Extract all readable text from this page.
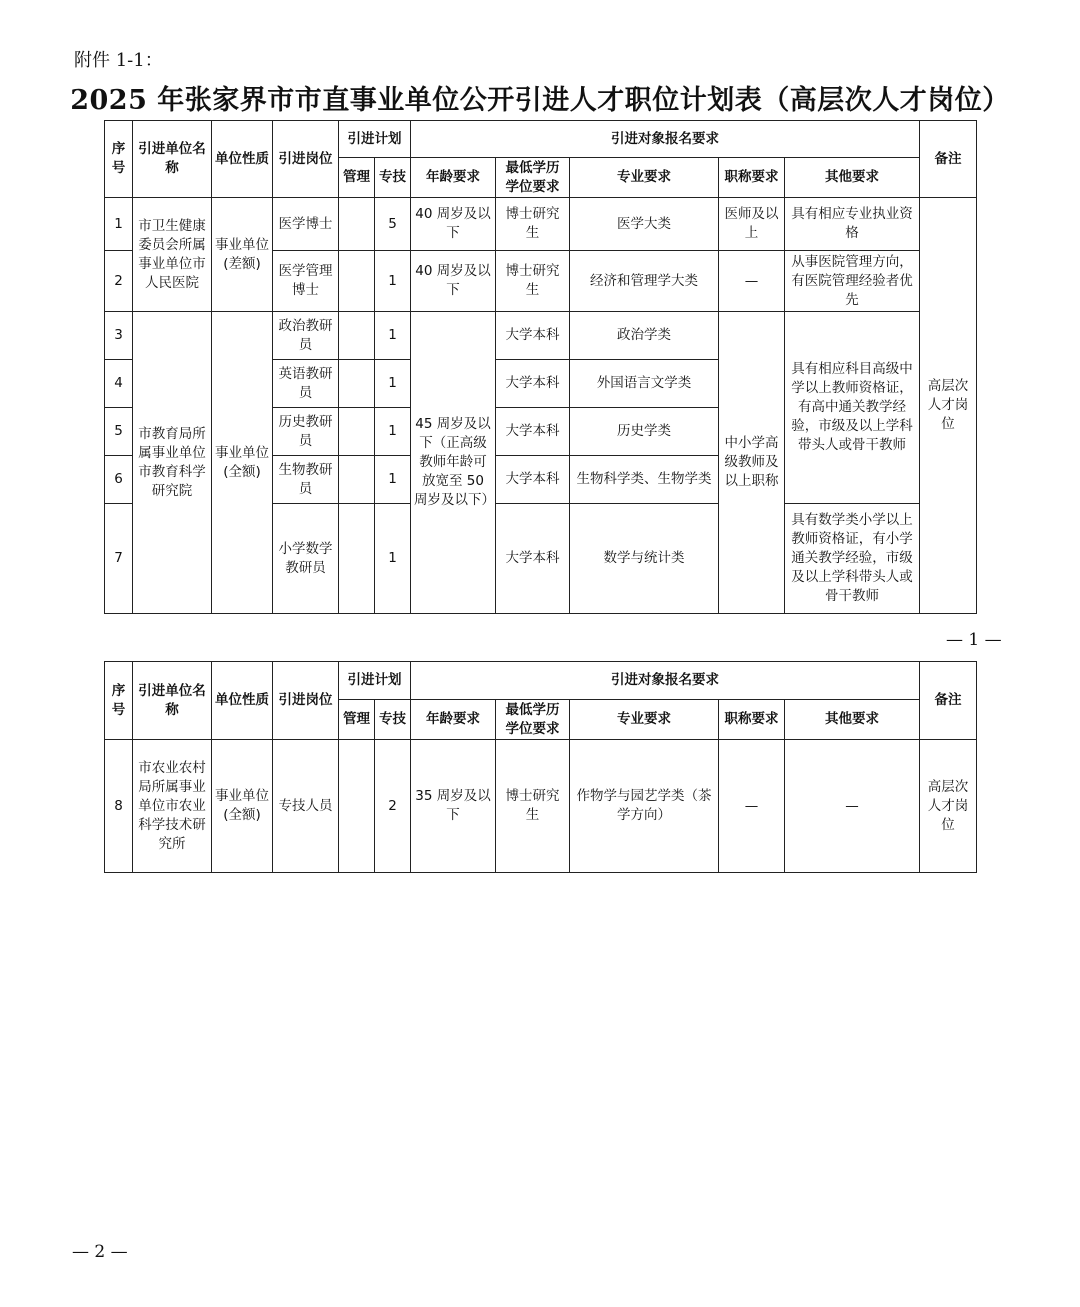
附件 1-1：
2025 年张家界市市直事业单位公开引进人才职位计划表（高层次人才岗位）
序号	引进单位名　称	单位性质	引进岗位	引进计划		引进对象报名要求					备注
				管理	专技	年龄要求	最低学历学位要求	专业要求	职称要求	其他要求	
1	市卫生健康委员会所属事业单位市人民医院	事业单位(差额)	医学博士		5	40 周岁及以下	博士研究生	医学大类	医师及以上	具有相应专业执业资格	高层次人才岗位
2			医学管理博士		1	40 周岁及以下	博士研究生	经济和管理学大类	—	从事医院管理方向，有医院管理经验者优先	
3	市教育局所属事业单位市教育科学研究院	事业单位(全额)	政治教研员		1	45 周岁及以下（正高级教师年龄可放宽至 50 周岁及以下）	大学本科	政治学类	中小学高级教师及以上职称	具有相应科目高级中学以上教师资格证，有高中通关教学经验，市级及以上学科带头人或骨干教师	
4			英语教研员		1		大学本科	外国语言文学类			
5			历史教研员		1		大学本科	历史学类			
6			生物教研员		1		大学本科	生物科学类、生物学类			
7			小学数学教研员		1		大学本科	数学与统计类		具有数学类小学以上教师资格证，有小学通关教学经验，市级及以上学科带头人或骨干教师	
— 1 —
序号	引进单位名　称	单位性质	引进岗位	引进计划		引进对象报名要求					备注
				管理	专技	年龄要求	最低学历学位要求	专业要求	职称要求	其他要求	
8	市农业农村局所属事业单位市农业科学技术研究所	事业单位(全额)	专技人员		2	35 周岁及以下	博士研究生	作物学与园艺学类（茶学方向）	—	—	高层次人才岗位
— 2 —
